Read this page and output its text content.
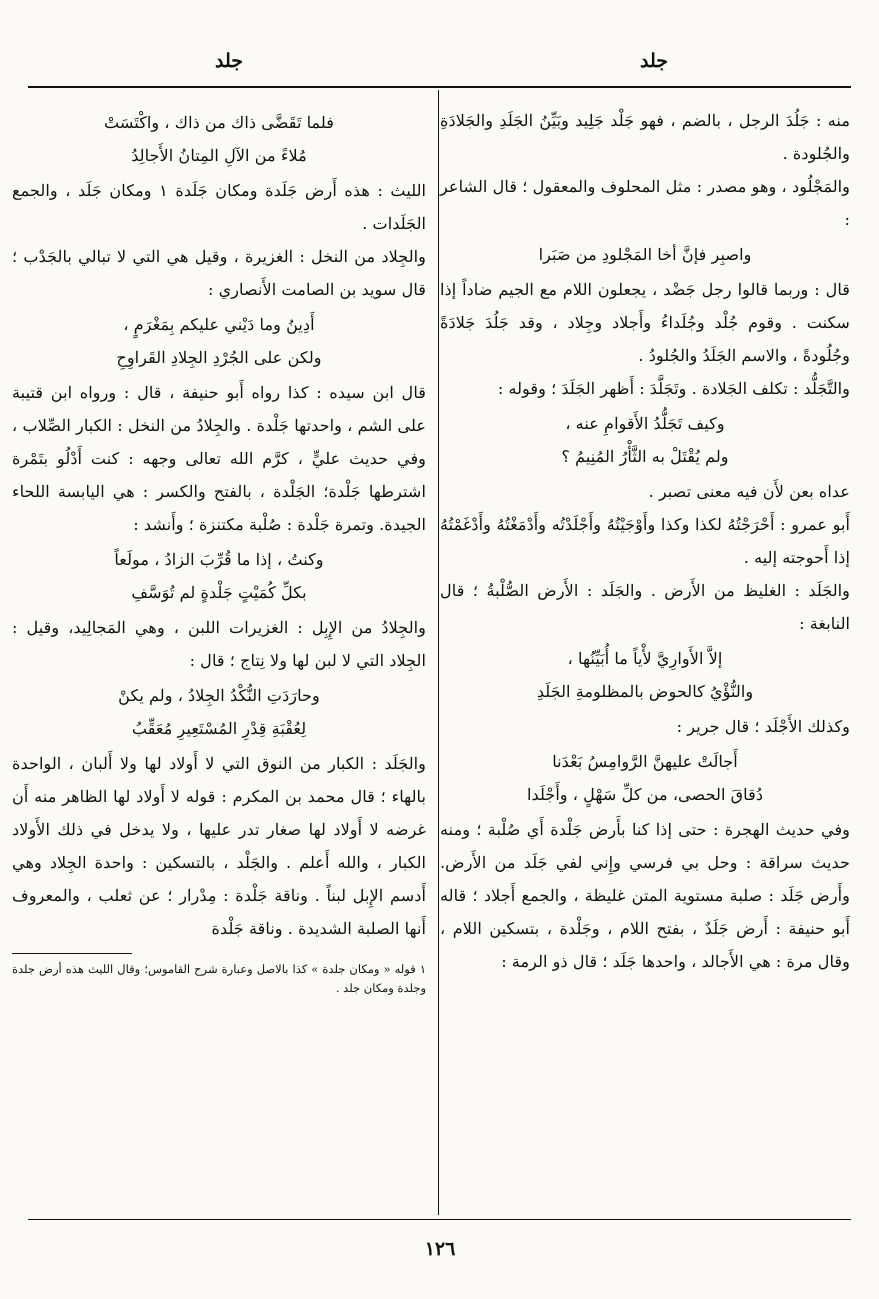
جلد
جلد

منه : جَلُدَ الرجل ، بالضم ، فهو جَلْد جَلِيد وبَيِّنُ الجَلَدِ والجَلادَةِ والجُلودة .

والمَجْلُود ، وهو مصدر : مثل المحلوف والمعقول ؛ قال الشاعر :

واصبِر فإنَّ أخا المَجْلودِ من صَبَرا

قال : وربما قالوا رجل جَضْد ، يجعلون اللام مع الجيم ضاداً إذا سكنت . وقوم جُلْد وجُلَداءُ وأَجلاد وجِلاد ، وقد جَلُدَ جَلادَةً وجُلُودةً ، والاسم الجَلَدُ والجُلودُ .

والتَّجَلُّد : تكلف الجَلادة . وتَجَلَّدَ : أَظهر الجَلَدَ ؛ وقوله :

وكيف تَجَلُّدُ الأَقوامِ عنه ،
ولم يُقْتَلْ به الثَّأْرُ المُنِيمُ ؟

عداه بعن لأَن فيه معنى تصبر .

أَبو عمرو : أَحْرَجْتُهُ لكذا وكذا وأَوْجَيْتُهُ وأَجْلَدْتُه وأَدْمَغْتُهُ وأَدْغَمْتُهُ إذا أَحوجته إليه .

والجَلَد : الغليظ من الأَرض . والجَلَد : الأَرض الصُّلْبةُ ؛ قال النابغة :

إلاَّ الأَوارِيَّ لأْياً ما أُبَيِّنُها ،
والنُّؤْيُ كالحوض بالمظلومةِ الجَلَدِ

وكذلك الأَجْلَد ؛ قال جرير :

أَجالَتْ عليهنَّ الرَّوامِسُ بَعْدَنا
دُقاقَ الحصى، من كلِّ سَهْلٍ ، وأَجْلَدا

وفي حديث الهجرة : حتى إذا كنا بأَرض جَلْدة أَي صُلْبة ؛ ومنه حديث سراقة : وحل بي فرسي وإِني لفي جَلَد من الأَرض. وأَرض جَلَد : صلبة مستوية المتن غليظة ، والجمع أَجلاد ؛ قاله أَبو حنيفة : أَرض جَلَدٌ ، بفتح اللام ، وجَلْدة ، بتسكين اللام ، وقال مرة : هي الأَجالد ، واحدها جَلَد ؛ قال ذو الرمة :

فلما تَقَضَّى ذاك من ذاك ، واكْتَسَتْ
مُلاءً من الآلِ المِتانُ الأَجالِدُ

الليث : هذه أَرض جَلَدة ومكان جَلَدة ١ ومكان جَلَد ، والجمع الجَلَدات .

والجِلاد من النخل : الغزيرة ، وقيل هي التي لا تبالي بالجَدْب ؛ قال سويد بن الصامت الأَنصاري :

أَدِينُ وما دَيْني عليكم بِمَغْرَمٍ ،
ولكن على الجُرْدِ الجِلادِ القَراوِحِ

قال ابن سيده : كذا رواه أَبو حنيفة ، قال : ورواه ابن قتيبة على الشم ، واحدتها جَلْدة . والجِلادُ من النخل : الكبار الصِّلاب ، وفي حديث عليٍّ ، كرَّم الله تعالى وجهه : كنت أَدْلُو بتَمْرة اشترطها جَلْدة؛ الجَلْدة ، بالفتح والكسر : هي اليابسة اللحاء الجيدة. وتمرة جَلْدة : صُلْبة مكتنزة ؛ وأَنشد :

وكنتُ ، إذا ما قُرِّبَ الزادُ ، مولَعاً
بكلِّ كُمَيْتٍ جَلْدةٍ لم تُوَسَّفِ

والجِلادُ من الإِبِل : الغزيرات اللبن ، وهي المَجالِيد، وقيل : الجِلاد التي لا لبن لها ولا نِتاج ؛ قال :

وحارَدَتِ النُّكْدُ الجِلادُ ، ولم يكنْ
لِعُقْبَةِ قِدْرِ المُسْتَعِيرِ مُعَقِّبُ

والجَلَد : الكبار من النوق التي لا أَولاد لها ولا أَلبان ، الواحدة بالهاء ؛ قال محمد بن المكرم : قوله لا أَولاد لها الظاهر منه أَن غرضه لا أَولاد لها صغار تدر عليها ، ولا يدخل في ذلك الأَولاد الكبار ، والله أَعلم . والجَلْد ، بالتسكين : واحدة الجِلاد وهي أَدسم الإِبل لبناً . وناقة جَلْدة : مِدْرار ؛ عن ثعلب ، والمعروف أَنها الصلبة الشديدة . وناقة جَلْدة

١ قوله « ومكان جلدة » كذا بالاصل وعبارة شرح القاموس؛ وقال الليث هذه أرض جلدة وجلدة ومكان جلد .
١٢٦
